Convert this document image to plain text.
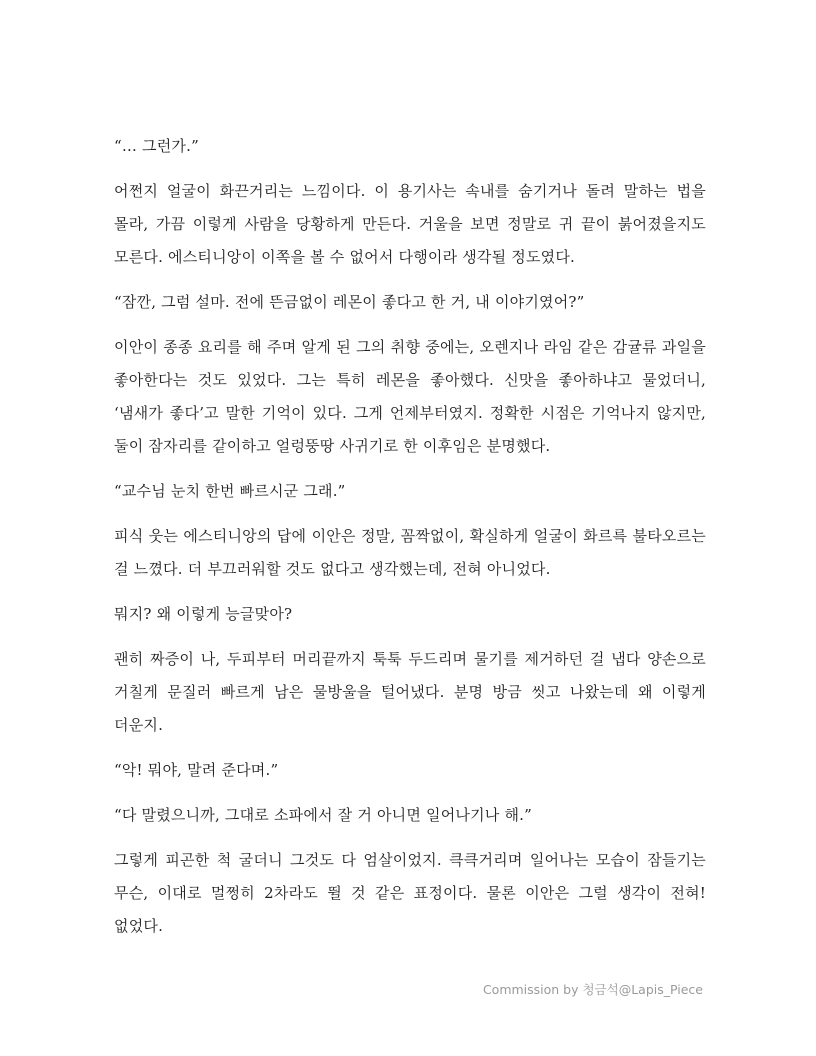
“… 그런가.”

어쩐지 얼굴이 화끈거리는 느낌이다. 이 용기사는 속내를 숨기거나 돌려 말하는 법을 몰라, 가끔 이렇게 사람을 당황하게 만든다. 거울을 보면 정말로 귀 끝이 붉어졌을지도 모른다. 에스티니앙이 이쪽을 볼 수 없어서 다행이라 생각될 정도였다.

“잠깐, 그럼 설마. 전에 뜬금없이 레몬이 좋다고 한 거, 내 이야기였어?”

이안이 종종 요리를 해 주며 알게 된 그의 취향 중에는, 오렌지나 라임 같은 감귤류 과일을 좋아한다는 것도 있었다. 그는 특히 레몬을 좋아했다. 신맛을 좋아하냐고 물었더니, ‘냄새가 좋다’고 말한 기억이 있다. 그게 언제부터였지. 정확한 시점은 기억나지 않지만, 둘이 잠자리를 같이하고 얼렁뚱땅 사귀기로 한 이후임은 분명했다.

“교수님 눈치 한번 빠르시군 그래.”

피식 웃는 에스티니앙의 답에 이안은 정말, 꼼짝없이, 확실하게 얼굴이 화르륵 불타오르는 걸 느꼈다. 더 부끄러워할 것도 없다고 생각했는데, 전혀 아니었다.

뭐지? 왜 이렇게 능글맞아?

괜히 짜증이 나, 두피부터 머리끝까지 툭툭 두드리며 물기를 제거하던 걸 냅다 양손으로 거칠게 문질러 빠르게 남은 물방울을 털어냈다. 분명 방금 씻고 나왔는데 왜 이렇게 더운지.

“악! 뭐야, 말려 준다며.”

“다 말렸으니까, 그대로 소파에서 잘 거 아니면 일어나기나 해.”

그렇게 피곤한 척 굴더니 그것도 다 엄살이었지. 큭큭거리며 일어나는 모습이 잠들기는 무슨, 이대로 멀쩡히 2차라도 뛸 것 같은 표정이다. 물론 이안은 그럴 생각이 전혀! 없었다.

Commission by 청금석@Lapis_Piece
